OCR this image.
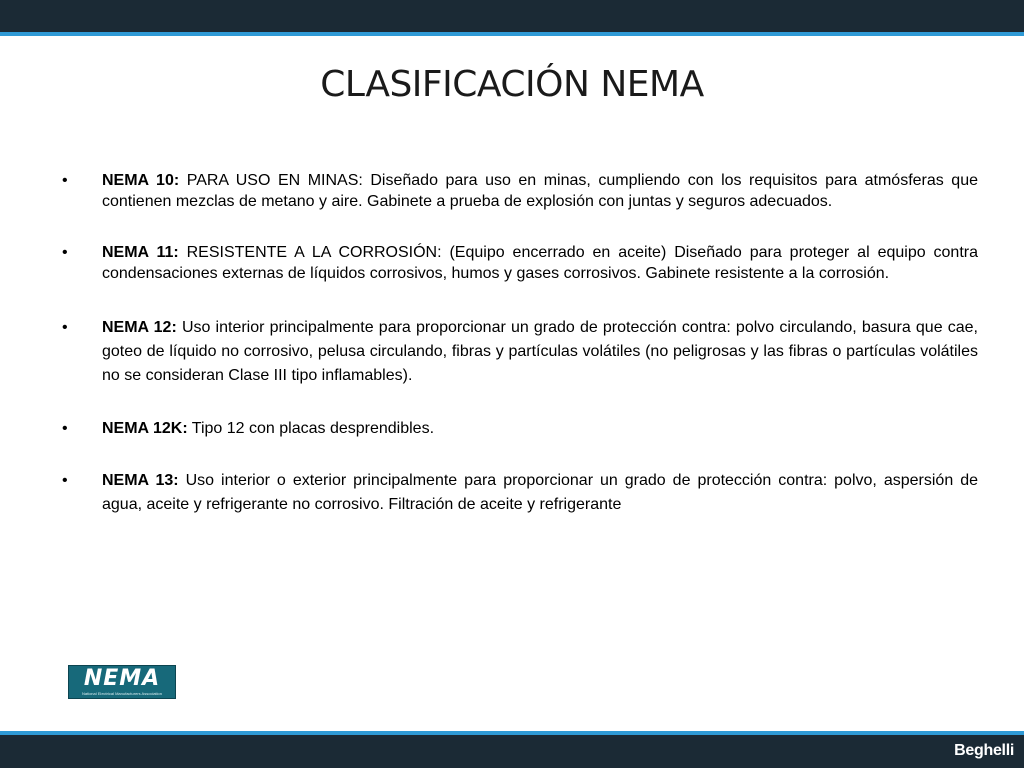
CLASIFICACIÓN NEMA
• NEMA 10: PARA USO EN MINAS: Diseñado para uso en minas, cumpliendo con los requisitos para atmósferas que contienen mezclas de metano y aire. Gabinete a prueba de explosión con juntas y seguros adecuados.
• NEMA 11: RESISTENTE A LA CORROSIÓN: (Equipo encerrado en aceite) Diseñado para proteger al equipo contra condensaciones externas de líquidos corrosivos, humos y gases corrosivos. Gabinete resistente a la corrosión.
• NEMA 12: Uso interior principalmente para proporcionar un grado de protección contra: polvo circulando, basura que cae, goteo de líquido no corrosivo, pelusa circulando, fibras y partículas volátiles (no peligrosas y las fibras o partículas volátiles no se consideran Clase III tipo inflamables).
• NEMA 12K: Tipo 12 con placas desprendibles.
• NEMA 13: Uso interior o exterior principalmente para proporcionar un grado de protección contra: polvo, aspersión de agua, aceite y refrigerante no corrosivo. Filtración de aceite y refrigerante
NEMA
National Electrical Manufacturers Association
Beghelli
